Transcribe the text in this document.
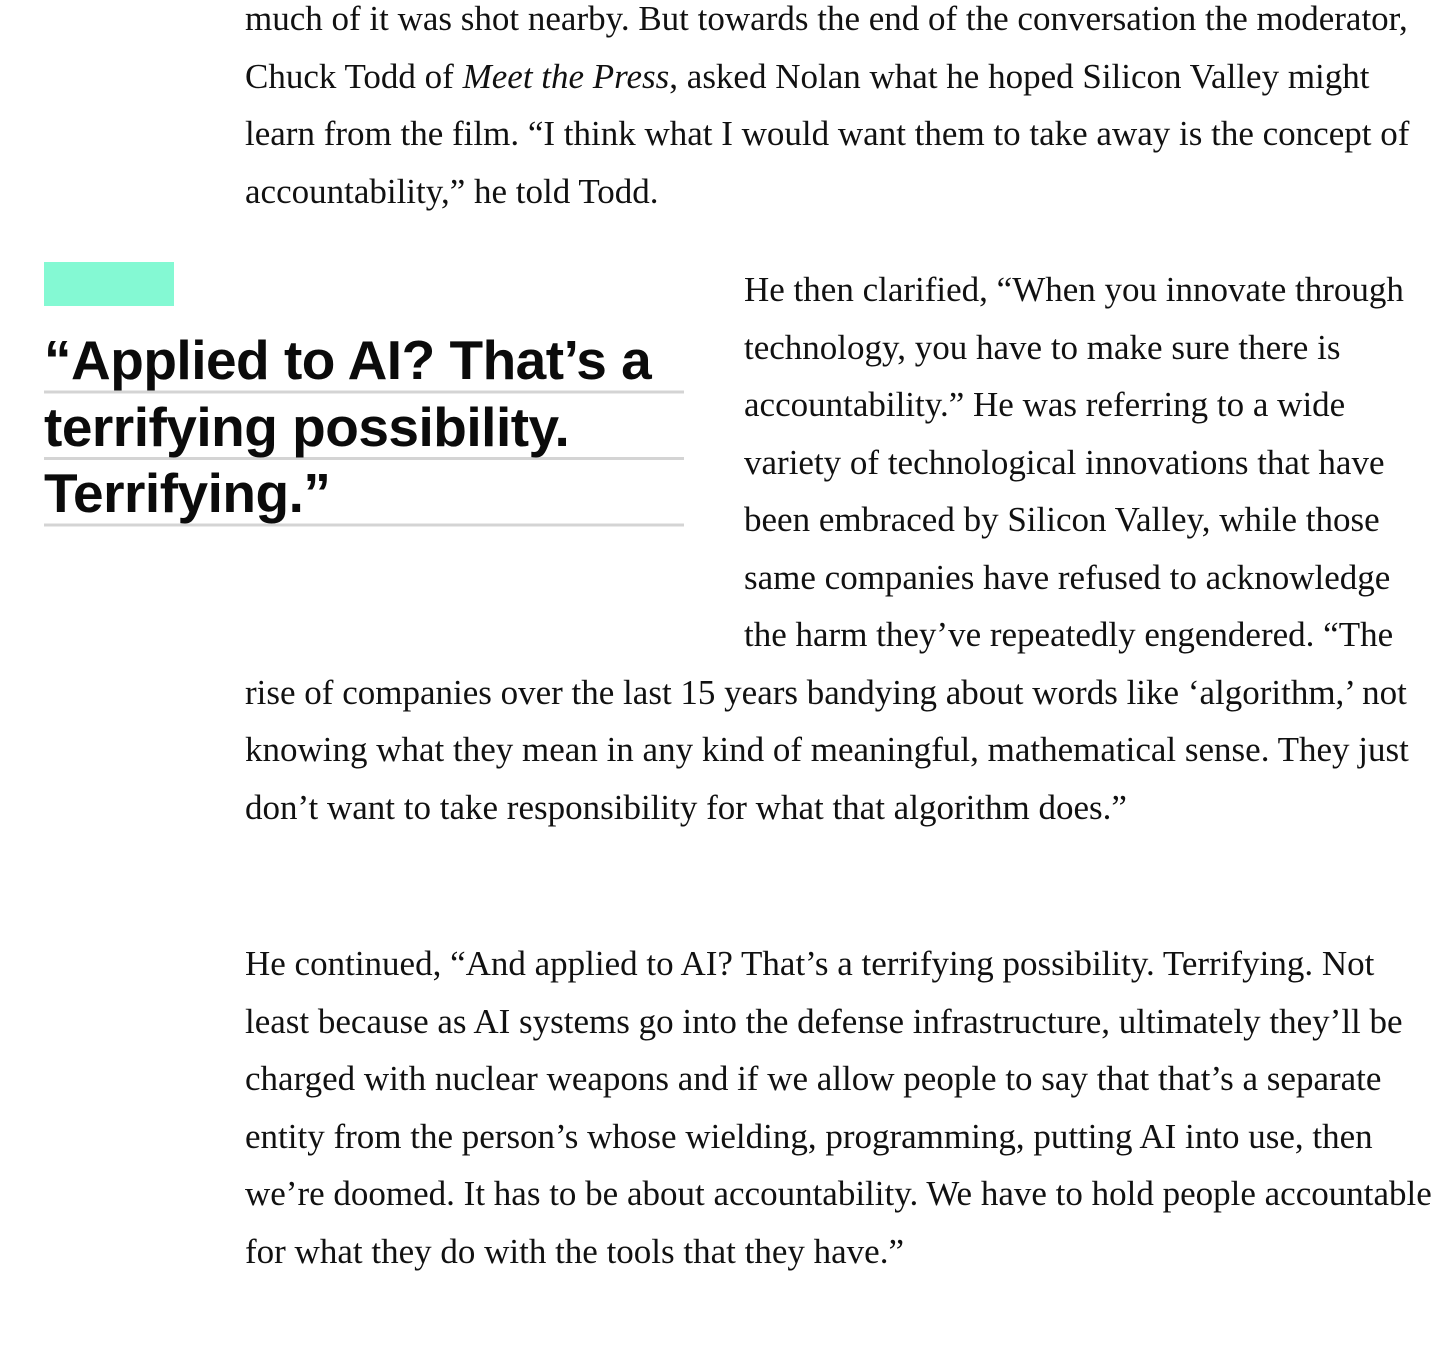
much of it was shot nearby. But towards the end of the conversation the moderator, Chuck Todd of Meet the Press, asked Nolan what he hoped Silicon Valley might learn from the film. “I think what I would want them to take away is the concept of accountability,” he told Todd.

“Applied to AI? That’s a terrifying possibility. Terrifying.”

He then clarified, “When you innovate through technology, you have to make sure there is accountability.” He was referring to a wide variety of technological innovations that have been embraced by Silicon Valley, while those same companies have refused to acknowledge the harm they’ve repeatedly engendered. “The rise of companies over the last 15 years bandying about words like ‘algorithm,’ not knowing what they mean in any kind of meaningful, mathematical sense. They just don’t want to take responsibility for what that algorithm does.”

He continued, “And applied to AI? That’s a terrifying possibility. Terrifying. Not least because as AI systems go into the defense infrastructure, ultimately they’ll be charged with nuclear weapons and if we allow people to say that that’s a separate entity from the person’s whose wielding, programming, putting AI into use, then we’re doomed. It has to be about accountability. We have to hold people accountable for what they do with the tools that they have.”
